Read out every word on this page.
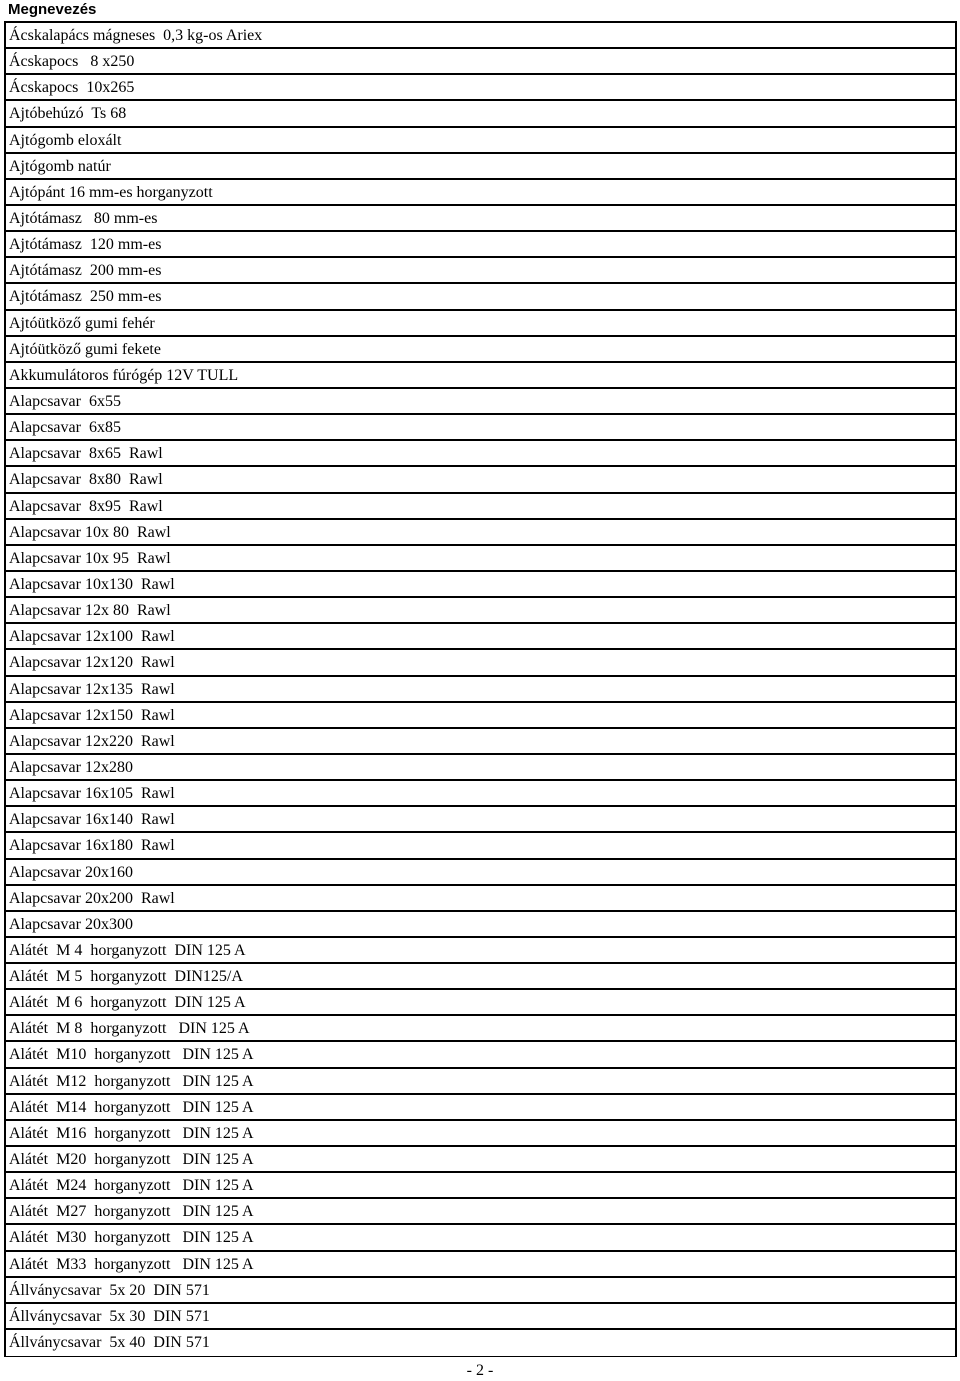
Megnevezés
Ácskalapács mágneses  0,3 kg-os Ariex
Ácskapocs   8 x250
Ácskapocs  10x265
Ajtóbehúzó  Ts 68
Ajtógomb eloxált
Ajtógomb natúr
Ajtópánt 16 mm-es horganyzott
Ajtótámasz   80 mm-es
Ajtótámasz  120 mm-es
Ajtótámasz  200 mm-es
Ajtótámasz  250 mm-es
Ajtóütköző gumi fehér
Ajtóütköző gumi fekete
Akkumulátoros fúrógép 12V TULL
Alapcsavar  6x55
Alapcsavar  6x85
Alapcsavar  8x65  Rawl
Alapcsavar  8x80  Rawl
Alapcsavar  8x95  Rawl
Alapcsavar 10x 80  Rawl
Alapcsavar 10x 95  Rawl
Alapcsavar 10x130  Rawl
Alapcsavar 12x 80  Rawl
Alapcsavar 12x100  Rawl
Alapcsavar 12x120  Rawl
Alapcsavar 12x135  Rawl
Alapcsavar 12x150  Rawl
Alapcsavar 12x220  Rawl
Alapcsavar 12x280
Alapcsavar 16x105  Rawl
Alapcsavar 16x140  Rawl
Alapcsavar 16x180  Rawl
Alapcsavar 20x160
Alapcsavar 20x200  Rawl
Alapcsavar 20x300
Alátét  M 4  horganyzott  DIN 125 A
Alátét  M 5  horganyzott  DIN125/A
Alátét  M 6  horganyzott  DIN 125 A
Alátét  M 8  horganyzott   DIN 125 A
Alátét  M10  horganyzott   DIN 125 A
Alátét  M12  horganyzott   DIN 125 A
Alátét  M14  horganyzott   DIN 125 A
Alátét  M16  horganyzott   DIN 125 A
Alátét  M20  horganyzott   DIN 125 A
Alátét  M24  horganyzott   DIN 125 A
Alátét  M27  horganyzott   DIN 125 A
Alátét  M30  horganyzott   DIN 125 A
Alátét  M33  horganyzott   DIN 125 A
Állványcsavar  5x 20  DIN 571
Állványcsavar  5x 30  DIN 571
Állványcsavar  5x 40  DIN 571
- 2 -
